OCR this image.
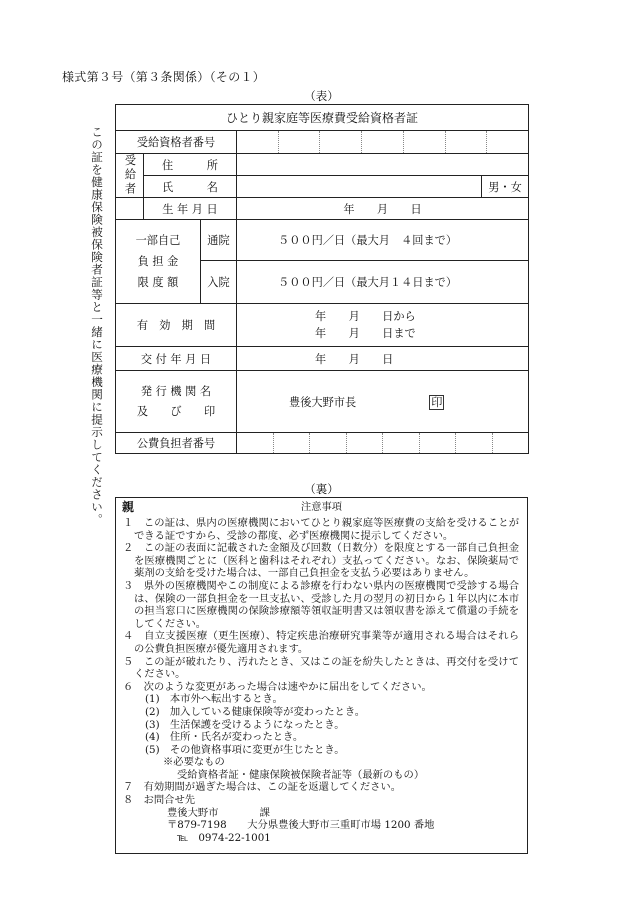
様式第３号（第３条関係）（その１）
（表）
この証を健康保険被保険者証等と一緒に医療機関に提示してください。
ひとり親家庭等医療費受給資格者証				
受給資格者番号				

受給者	住　　　所			
	氏　　　名			男・女
	生 年 月 日		年　　月　　日	

一部自己
負 担 金
限 度 額		通院	５００円／日（最大月　４回まで）	
		入院	５００円／日（最大月１４日まで）	
有　効　期　間			年　　月　　日から
年　　月　　日まで	

交 付 年 月 日			年　　月　　日	

発 行 機 関 名
及　　び　　印			豊後大野市長 印	
公費負担者番号				
（裏）
親	注意事項
１　この証は、県内の医療機関においてひとり親家庭等医療費の支給を受けることができる証ですから、受診の都度、必ず医療機関に提示してください。
２　この証の表面に記載された金額及び回数（日数分）を限度とする一部自己負担金を医療機関ごとに（医科と歯科はそれぞれ）支払ってください。なお、保険薬局で薬剤の支給を受けた場合は、一部自己負担金を支払う必要はありません。
３　県外の医療機関やこの制度による診療を行わない県内の医療機関で受診する場合は、保険の一部負担金を一旦支払い、受診した月の翌月の初日から１年以内に本市の担当窓口に医療機関の保険診療額等領収証明書又は領収書を添えて償還の手続をしてください。
４　自立支援医療（更生医療）、特定疾患治療研究事業等が適用される場合はそれらの公費負担医療が優先適用されます。
５　この証が破れたり、汚れたとき、又はこの証を紛失したときは、再交付を受けてください。
６　次のような変更があった場合は速やかに届出をしてください。
(1)　本市外へ転出するとき。
(2)　加入している健康保険等が変わったとき。
(3)　生活保護を受けるようになったとき。
(4)　住所・氏名が変わったとき。
(5)　その他資格事項に変更が生じたとき。
※必要なもの
受給資格者証・健康保険被保険者証等（最新のもの）
７　有効期間が過ぎた場合は、この証を返還してください。
８　お問合せ先
豊後大野市　　　　課
〒879-7198　　大分県豊後大野市三重町市場 1200 番地
℡　0974-22-1001
